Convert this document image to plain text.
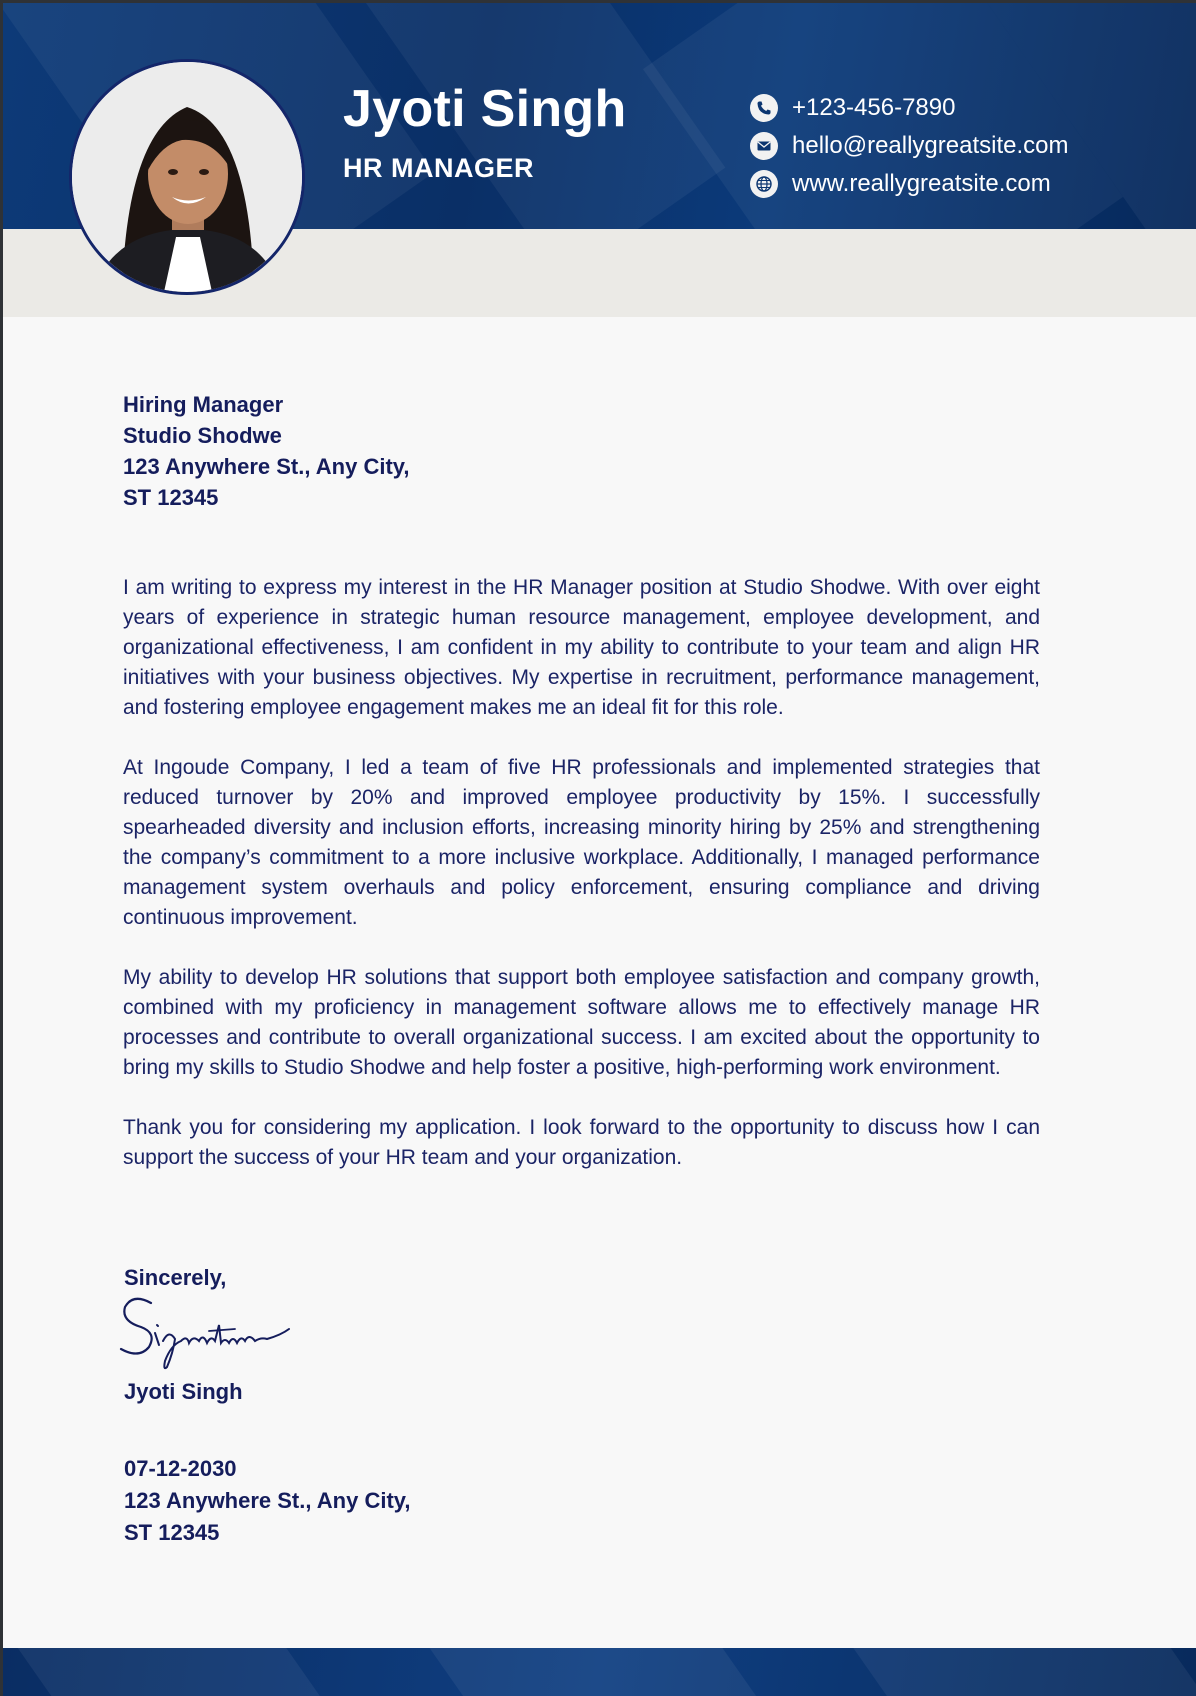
Jyoti Singh
HR MANAGER
+123-456-7890
hello@reallygreatsite.com
www.reallygreatsite.com
Hiring Manager
Studio Shodwe
123 Anywhere St., Any City,
ST 12345

I am writing to express my interest in the HR Manager position at Studio Shodwe. With over eight years of experience in strategic human resource management, employee development, and organizational effectiveness, I am confident in my ability to contribute to your team and align HR initiatives with your business objectives. My expertise in recruitment, performance management, and fostering employee engagement makes me an ideal fit for this role.

At Ingoude Company, I led a team of five HR professionals and implemented strategies that reduced turnover by 20% and improved employee productivity by 15%. I successfully spearheaded diversity and inclusion efforts, increasing minority hiring by 25% and strengthening the company’s commitment to a more inclusive workplace. Additionally, I managed performance management system overhauls and policy enforcement, ensuring compliance and driving continuous improvement.

My ability to develop HR solutions that support both employee satisfaction and company growth, combined with my proficiency in management software allows me to effectively manage HR processes and contribute to overall organizational success. I am excited about the opportunity to bring my skills to Studio Shodwe and help foster a positive, high-performing work environment.

Thank you for considering my application. I look forward to the opportunity to discuss how I can support the success of your HR team and your organization.

Sincerely,
Jyoti Singh
07-12-2030
123 Anywhere St., Any City,
ST 12345
